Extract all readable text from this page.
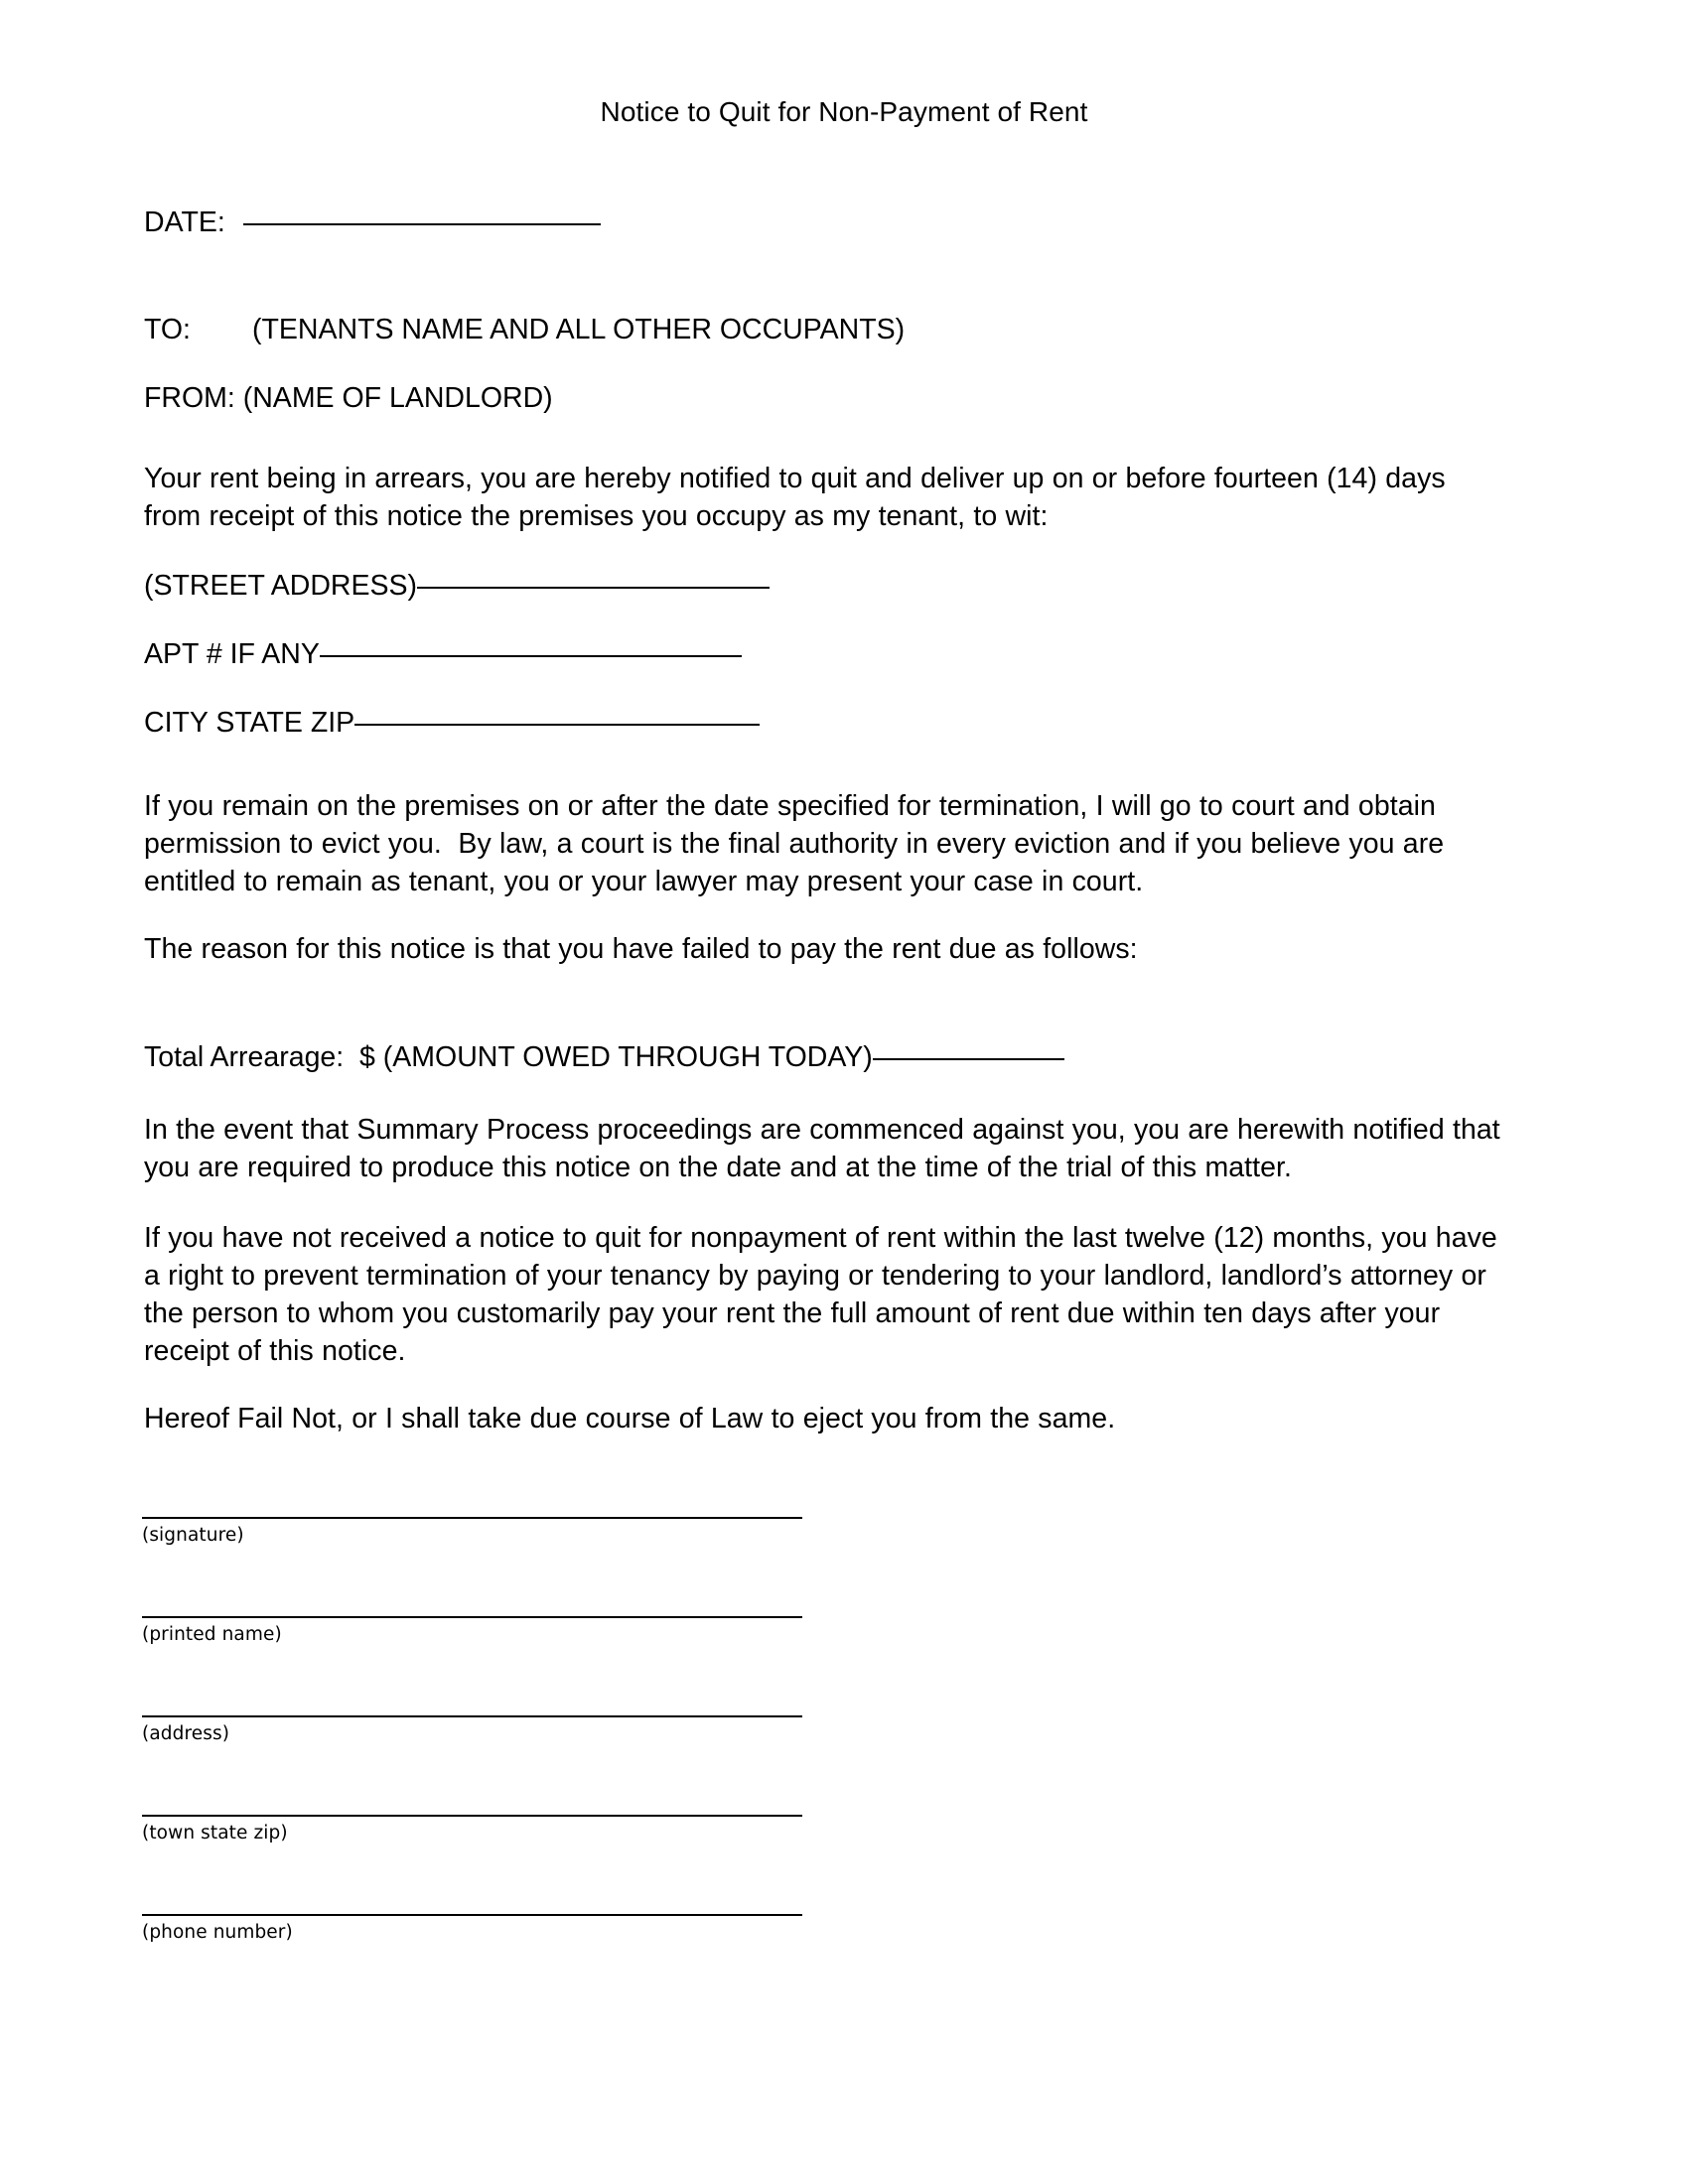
Notice to Quit for Non-Payment of Rent
DATE:
TO: (TENANTS NAME AND ALL OTHER OCCUPANTS)
FROM: (NAME OF LANDLORD)
Your rent being in arrears, you are hereby notified to quit and deliver up on or before fourteen (14) days from receipt of this notice the premises you occupy as my tenant, to wit:
(STREET ADDRESS)
APT # IF ANY
CITY STATE ZIP
If you remain on the premises on or after the date specified for termination, I will go to court and obtain permission to evict you.  By law, a court is the final authority in every eviction and if you believe you are entitled to remain as tenant, you or your lawyer may present your case in court.
The reason for this notice is that you have failed to pay the rent due as follows:
Total Arrearage:  $ (AMOUNT OWED THROUGH TODAY)
In the event that Summary Process proceedings are commenced against you, you are herewith notified that you are required to produce this notice on the date and at the time of the trial of this matter.
If you have not received a notice to quit for nonpayment of rent within the last twelve (12) months, you have a right to prevent termination of your tenancy by paying or tendering to your landlord, landlord’s attorney or the person to whom you customarily pay your rent the full amount of rent due within ten days after your receipt of this notice.
Hereof Fail Not, or I shall take due course of Law to eject you from the same.
(signature)
(printed name)
(address)
(town state zip)
(phone number)
